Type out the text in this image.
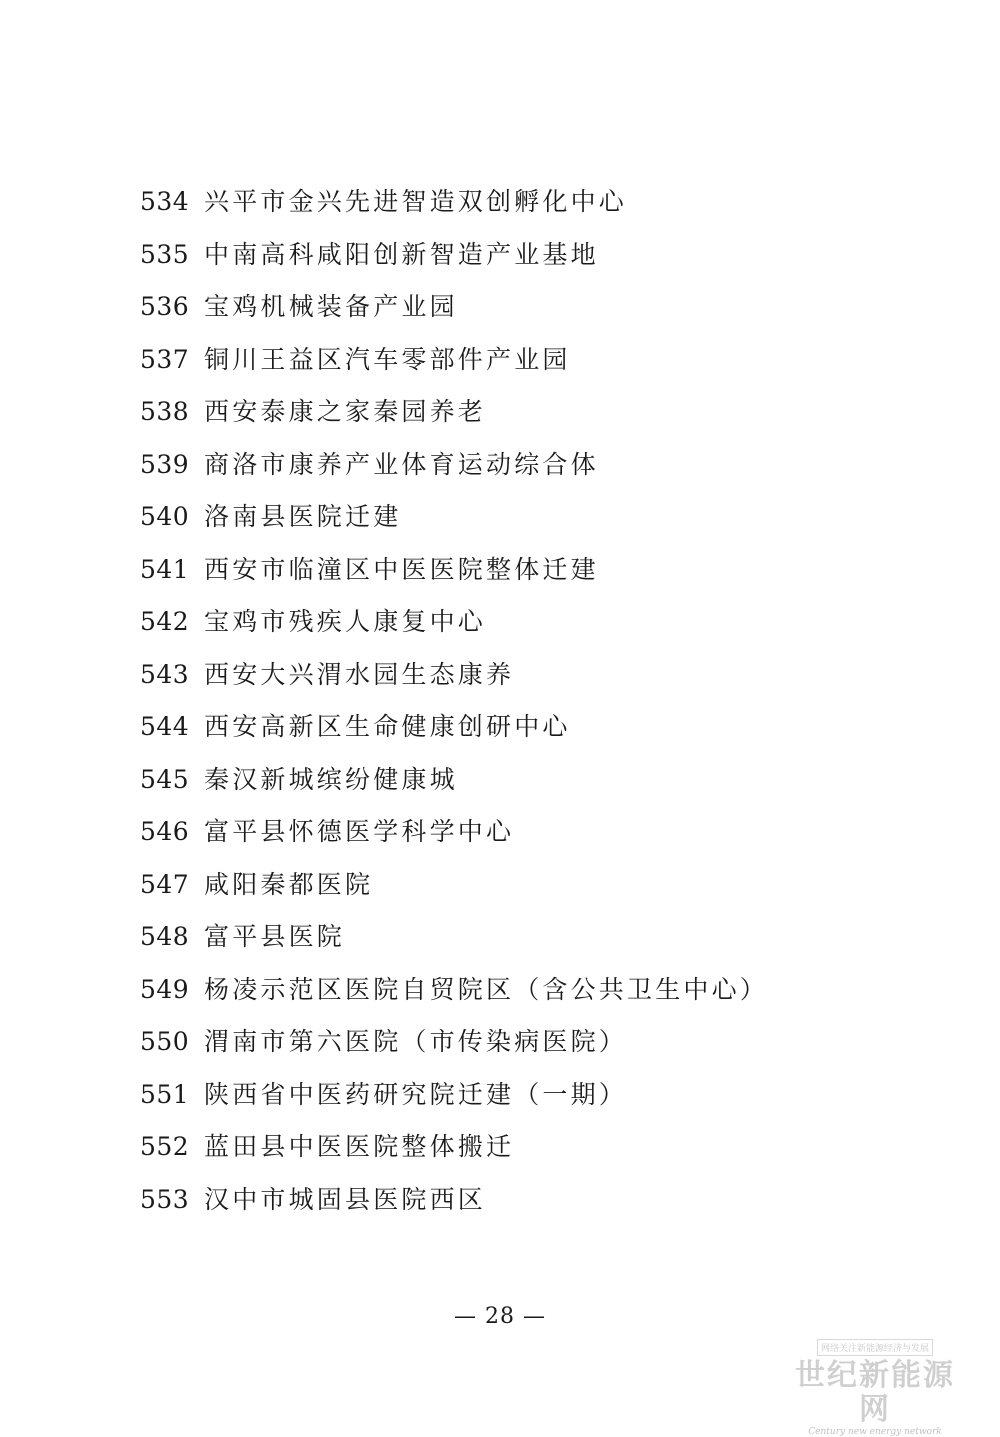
534 兴平市金兴先进智造双创孵化中心
535 中南高科咸阳创新智造产业基地
536 宝鸡机械装备产业园
537 铜川王益区汽车零部件产业园
538 西安泰康之家秦园养老
539 商洛市康养产业体育运动综合体
540 洛南县医院迁建
541 西安市临潼区中医医院整体迁建
542 宝鸡市残疾人康复中心
543 西安大兴渭水园生态康养
544 西安高新区生命健康创研中心
545 秦汉新城缤纷健康城
546 富平县怀德医学科学中心
547 咸阳秦都医院
548 富平县医院
549 杨凌示范区医院自贸院区（含公共卫生中心）
550 渭南市第六医院（市传染病医院）
551 陕西省中医药研究院迁建（一期）
552 蓝田县中医医院整体搬迁
553 汉中市城固县医院西区
— 28 —
网络关注新能源经济与发展
世纪新能源网
Century new energy network
